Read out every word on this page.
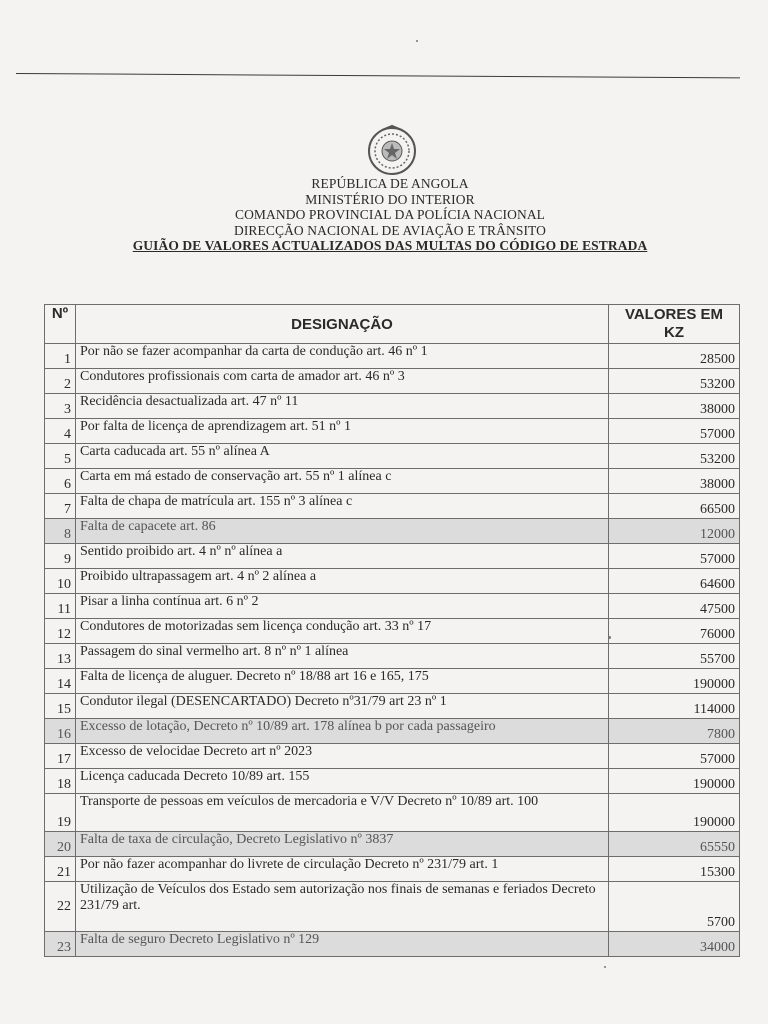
REPÚBLICA DE ANGOLA
MINISTÉRIO DO INTERIOR
COMANDO PROVINCIAL DA POLÍCIA NACIONAL
DIRECÇÃO NACIONAL DE AVIAÇÃO E TRÂNSITO
GUIÃO DE VALORES ACTUALIZADOS DAS MULTAS DO CÓDIGO DE ESTRADA
Nº	DESIGNAÇÃO	VALORES EM
KZ

1	Por não se fazer acompanhar da carta de condução art. 46 nº 1	28500
2	Condutores profissionais com carta de amador art. 46 nº 3	53200
3	Recidência desactualizada art. 47 nº 11	38000
4	Por falta de licença de aprendizagem art. 51 nº 1	57000
5	Carta caducada art. 55 nº alínea A	53200
6	Carta em má estado de conservação art. 55 nº 1 alínea c	38000
7	Falta de chapa de matrícula art. 155 nº 3 alínea c	66500
8	Falta de capacete art. 86	12000
9	Sentido proibido art. 4 nº nº alínea a	57000
10	Proibido ultrapassagem art. 4 nº 2 alínea a	64600
11	Pisar a linha contínua art. 6 nº 2	47500
12	Condutores de motorizadas sem licença condução art. 33 nº 17	76000
13	Passagem do sinal vermelho art. 8 nº nº 1 alínea	55700
14	Falta de licença de aluguer. Decreto nº 18/88 art 16 e 165, 175	190000
15	Condutor ilegal (DESENCARTADO) Decreto nº31/79 art 23 nº 1	114000
16	Excesso de lotação, Decreto nº 10/89 art. 178 alínea b por cada passageiro	7800
17	Excesso de velocidae Decreto art nº 2023	57000
18	Licença caducada Decreto 10/89 art. 155	190000
19	Transporte de pessoas em veículos de mercadoria e V/V Decreto nº 10/89 art. 100	190000
20	Falta de taxa de circulação, Decreto Legislativo nº 3837	65550
21	Por não fazer acompanhar do livrete de circulação Decreto nº 231/79 art. 1	15300
22	Utilização de Veículos dos Estado sem autorização nos finais de semanas e feriados Decreto 231/79 art.	5700
23	Falta de seguro Decreto Legislativo nº 129	34000
